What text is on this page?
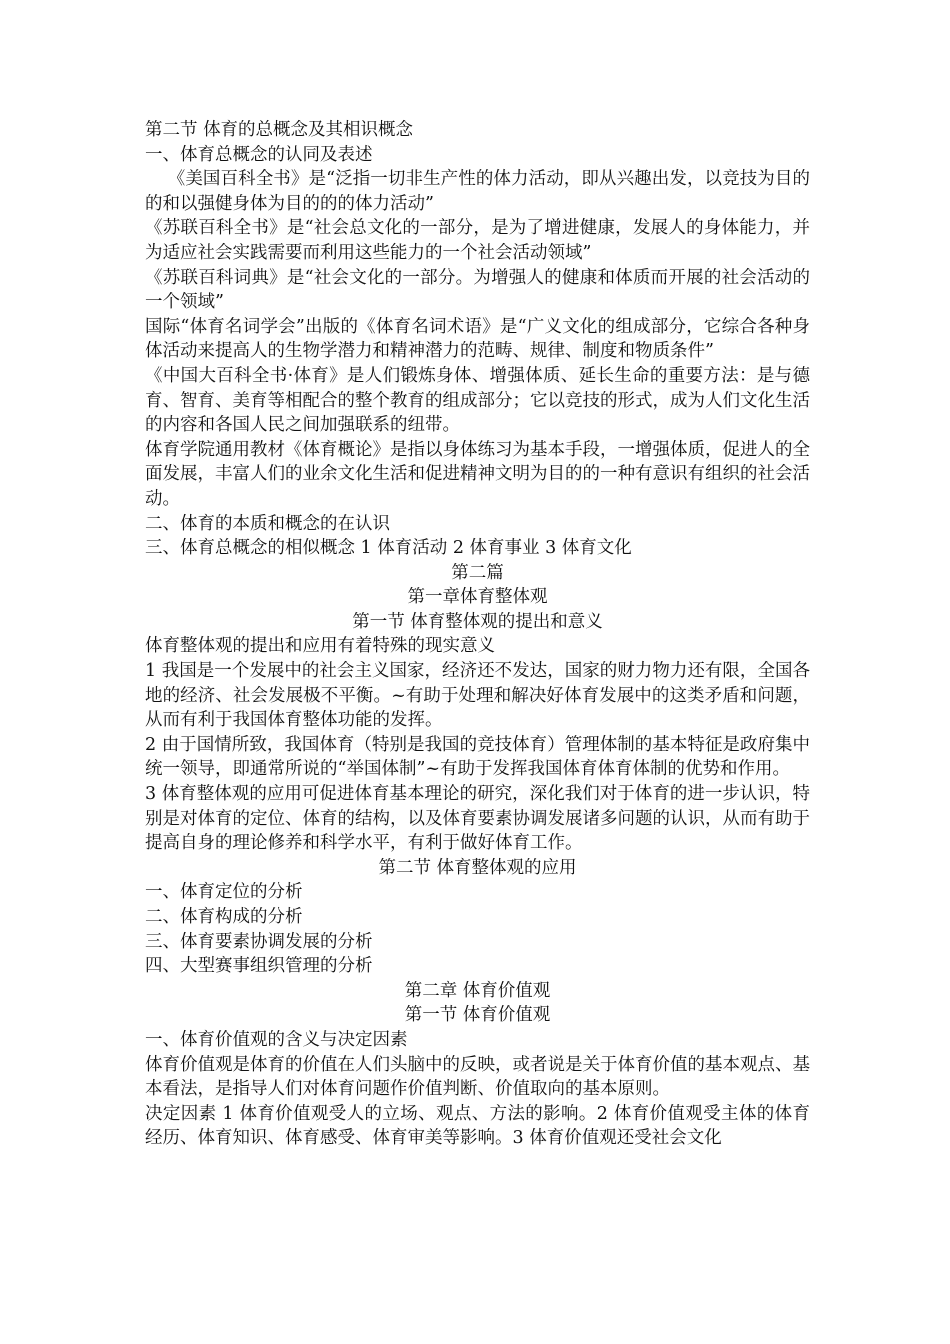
第二节 体育的总概念及其相识概念

一、体育总概念的认同及表述

《美国百科全书》是“泛指一切非生产性的体力活动，即从兴趣出发，以竞技为目的的和以强健身体为目的的的体力活动”

《苏联百科全书》是“社会总文化的一部分，是为了增进健康，发展人的身体能力，并为适应社会实践需要而利用这些能力的一个社会活动领域”

《苏联百科词典》是“社会文化的一部分。为增强人的健康和体质而开展的社会活动的一个领域”

国际“体育名词学会”出版的《体育名词术语》是“广义文化的组成部分，它综合各种身体活动来提高人的生物学潜力和精神潜力的范畴、规律、制度和物质条件”

《中国大百科全书·体育》是人们锻炼身体、增强体质、延长生命的重要方法：是与德育、智育、美育等相配合的整个教育的组成部分；它以竞技的形式，成为人们文化生活的内容和各国人民之间加强联系的纽带。

体育学院通用教材《体育概论》是指以身体练习为基本手段，一增强体质，促进人的全面发展，丰富人们的业余文化生活和促进精神文明为目的的一种有意识有组织的社会活动。

二、体育的本质和概念的在认识

三、体育总概念的相似概念 1 体育活动 2 体育事业 3 体育文化

第二篇

第一章体育整体观

第一节 体育整体观的提出和意义

体育整体观的提出和应用有着特殊的现实意义

1 我国是一个发展中的社会主义国家，经济还不发达，国家的财力物力还有限，全国各地的经济、社会发展极不平衡。~有助于处理和解决好体育发展中的这类矛盾和问题，从而有利于我国体育整体功能的发挥。

2 由于国情所致，我国体育（特别是我国的竞技体育）管理体制的基本特征是政府集中统一领导，即通常所说的“举国体制”~有助于发挥我国体育体育体制的优势和作用。

3 体育整体观的应用可促进体育基本理论的研究，深化我们对于体育的进一步认识，特别是对体育的定位、体育的结构，以及体育要素协调发展诸多问题的认识，从而有助于提高自身的理论修养和科学水平，有利于做好体育工作。

第二节 体育整体观的应用

一、体育定位的分析

二、体育构成的分析

三、体育要素协调发展的分析

四、大型赛事组织管理的分析

第二章 体育价值观

第一节 体育价值观

一、体育价值观的含义与决定因素

体育价值观是体育的价值在人们头脑中的反映，或者说是关于体育价值的基本观点、基本看法，是指导人们对体育问题作价值判断、价值取向的基本原则。

决定因素 1 体育价值观受人的立场、观点、方法的影响。2 体育价值观受主体的体育经历、体育知识、体育感受、体育审美等影响。3 体育价值观还受社会文化
